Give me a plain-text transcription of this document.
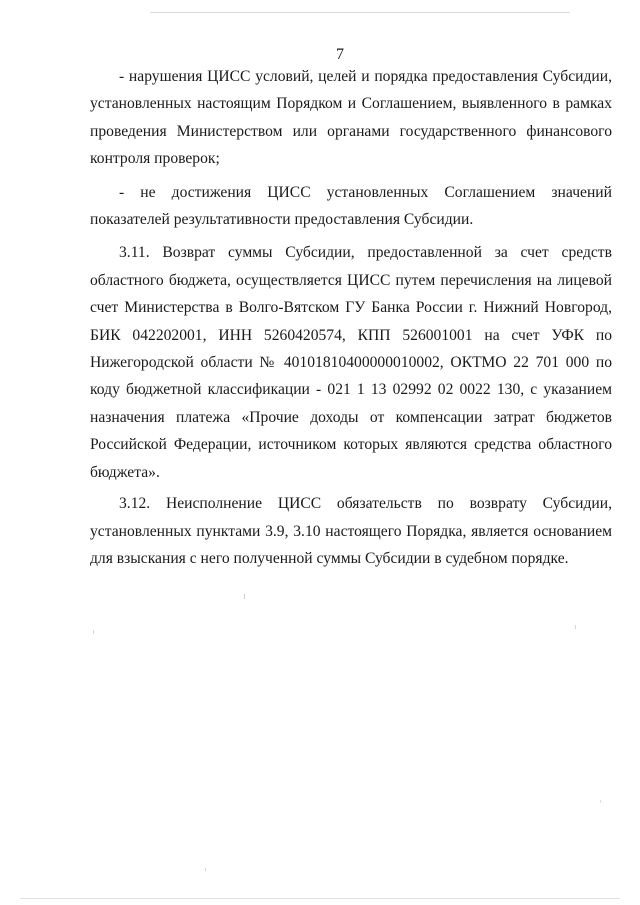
7

- нарушения ЦИСС условий, целей и порядка предоставления Субсидии, установленных настоящим Порядком и Соглашением, выявленного в рамках проведения Министерством или органами государственного финансового контроля проверок;

- не достижения ЦИСС установленных Соглашением значений показателей результативности предоставления Субсидии.

3.11. Возврат суммы Субсидии, предоставленной за счет средств областного бюджета, осуществляется ЦИСС путем перечисления на лицевой счет Министерства в Волго-Вятском ГУ Банка России г. Нижний Новгород, БИК 042202001, ИНН 5260420574, КПП 526001001 на счет УФК по Нижегородской области № 40101810400000010002, ОКТМО 22 701 000 по коду бюджетной классификации - 021 1 13 02992 02 0022 130, с указанием назначения платежа «Прочие доходы от компенсации затрат бюджетов Российской Федерации, источником которых являются средства областного бюджета».

3.12. Неисполнение ЦИСС обязательств по возврату Субсидии, установленных пунктами 3.9, 3.10 настоящего Порядка, является основанием для взыскания с него полученной суммы Субсидии в судебном порядке.
